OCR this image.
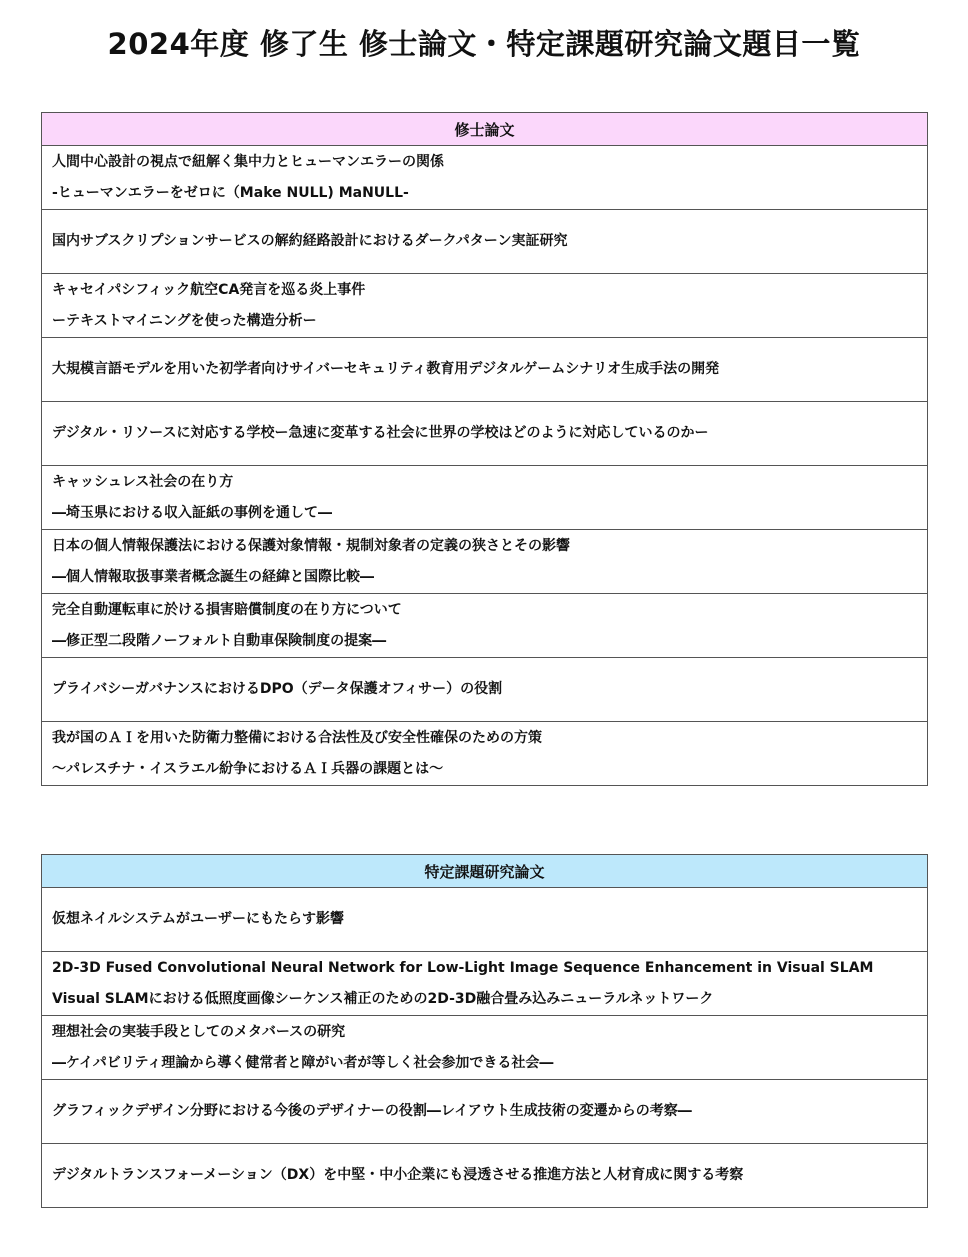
2024年度 修了生 修士論文・特定課題研究論文題目一覧
修士論文

人間中心設計の視点で紐解く集中力とヒューマンエラーの関係
-ヒューマンエラーをゼロに（Make NULL) MaNULL-

国内サブスクリプションサービスの解約経路設計におけるダークパターン実証研究

キャセイパシフィック航空CA発言を巡る炎上事件
ーテキストマイニングを使った構造分析ー

大規模言語モデルを用いた初学者向けサイバーセキュリティ教育用デジタルゲームシナリオ生成手法の開発

デジタル・リソースに対応する学校ー急速に変革する社会に世界の学校はどのように対応しているのかー

キャッシュレス社会の在り方
―埼玉県における収入証紙の事例を通して―

日本の個人情報保護法における保護対象情報・規制対象者の定義の狭さとその影響
―個人情報取扱事業者概念誕生の経緯と国際比較―

完全自動運転車に於ける損害賠償制度の在り方について
―修正型二段階ノーフォルト自動車保険制度の提案―

プライバシーガバナンスにおけるDPO（データ保護オフィサー）の役割

我が国のＡＩを用いた防衛力整備における合法性及び安全性確保のための方策
～パレスチナ・イスラエル紛争におけるＡＩ兵器の課題とは～
特定課題研究論文

仮想ネイルシステムがユーザーにもたらす影響

2D-3D Fused Convolutional Neural Network for Low-Light Image Sequence Enhancement in Visual SLAM
Visual SLAMにおける低照度画像シーケンス補正のための2D-3D融合畳み込みニューラルネットワーク

理想社会の実装手段としてのメタバースの研究
―ケイパビリティ理論から導く健常者と障がい者が等しく社会参加できる社会―

グラフィックデザイン分野における今後のデザイナーの役割―レイアウト生成技術の変遷からの考察―

デジタルトランスフォーメーション（DX）を中堅・中小企業にも浸透させる推進方法と人材育成に関する考察
